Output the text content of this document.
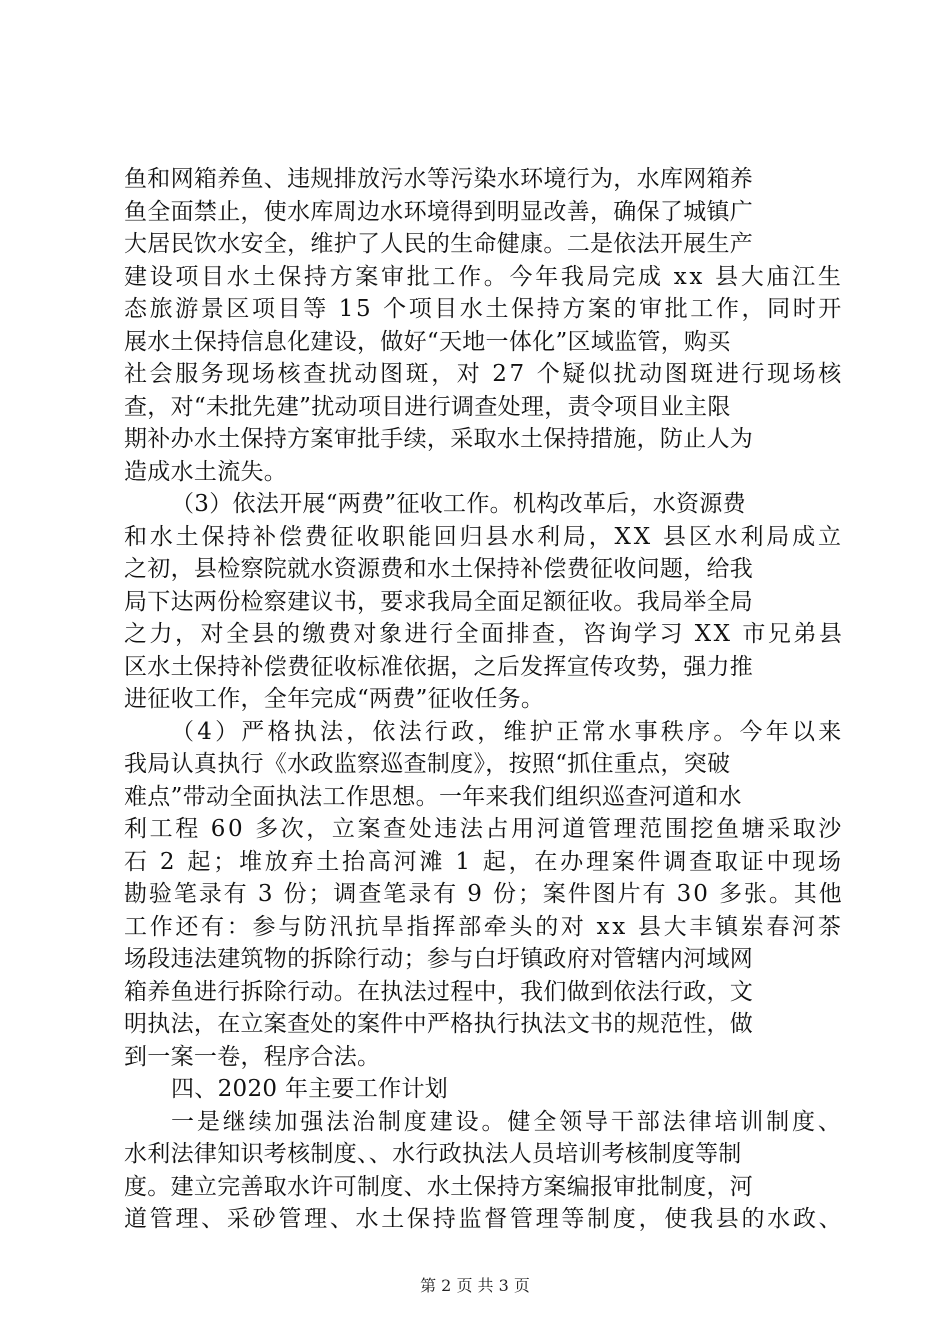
鱼和网箱养鱼、违规排放污水等污染水环境行为，水库网箱养
鱼全面禁止，使水库周边水环境得到明显改善，确保了城镇广
大居民饮水安全，维护了人民的生命健康。二是依法开展生产
建设项目水土保持方案审批工作。今年我局完成 xx 县大庙江生
态旅游景区项目等 15 个项目水土保持方案的审批工作，同时开
展水土保持信息化建设，做好“天地一体化”区域监管，购买
社会服务现场核查扰动图斑，对 27 个疑似扰动图斑进行现场核
查，对“未批先建”扰动项目进行调查处理，责令项目业主限
期补办水土保持方案审批手续，采取水土保持措施，防止人为
造成水土流失。
（3）依法开展“两费”征收工作。机构改革后，水资源费
和水土保持补偿费征收职能回归县水利局，XX 县区水利局成立
之初，县检察院就水资源费和水土保持补偿费征收问题，给我
局下达两份检察建议书，要求我局全面足额征收。我局举全局
之力，对全县的缴费对象进行全面排查，咨询学习 XX 市兄弟县
区水土保持补偿费征收标准依据，之后发挥宣传攻势，强力推
进征收工作，全年完成“两费”征收任务。
（4）严格执法，依法行政，维护正常水事秩序。今年以来
我局认真执行《水政监察巡查制度》，按照“抓住重点，突破
难点”带动全面执法工作思想。一年来我们组织巡查河道和水
利工程 60 多次，立案查处违法占用河道管理范围挖鱼塘采取沙
石 2 起；堆放弃土抬高河滩 1 起，在办理案件调查取证中现场
勘验笔录有 3 份；调查笔录有 9 份；案件图片有 30 多张。其他
工作还有：参与防汛抗旱指挥部牵头的对 xx 县大丰镇岽春河茶
场段违法建筑物的拆除行动；参与白圩镇政府对管辖内河域网
箱养鱼进行拆除行动。在执法过程中，我们做到依法行政，文
明执法，在立案查处的案件中严格执行执法文书的规范性，做
到一案一卷，程序合法。
四、2020 年主要工作计划
一是继续加强法治制度建设。健全领导干部法律培训制度、
水利法律知识考核制度、、水行政执法人员培训考核制度等制
度。建立完善取水许可制度、水土保持方案编报审批制度，河
道管理、采砂管理、水土保持监督管理等制度，使我县的水政、
第 2 页 共 3 页
